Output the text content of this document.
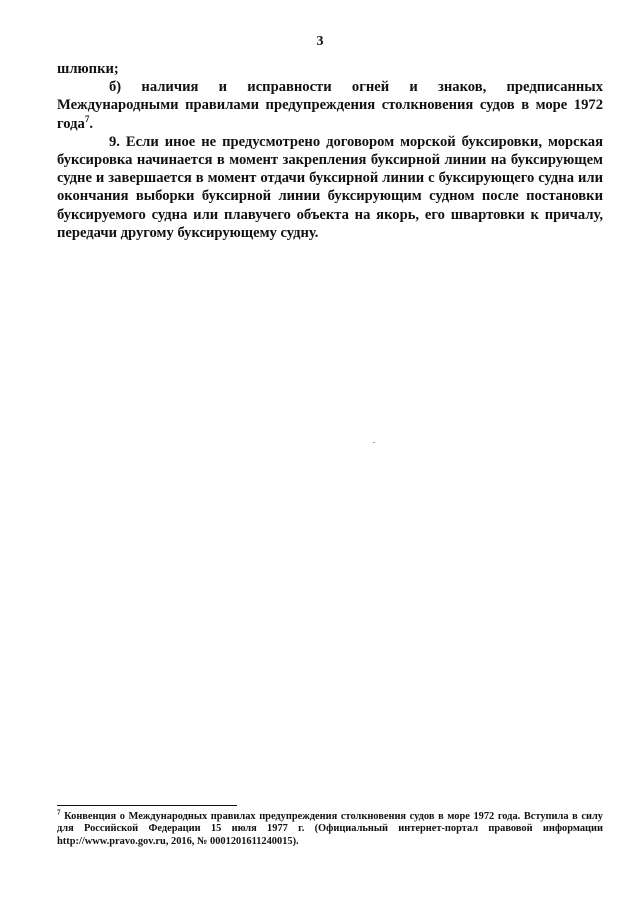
3

шлюпки;

б) наличия и исправности огней и знаков, предписанных Международными правилами предупреждения столкновения судов в море 1972 года$^7$.

9. Если иное не предусмотрено договором морской буксировки, морская буксировка начинается в момент закрепления буксирной линии на буксирующем судне и завершается в момент отдачи буксирной линии с буксирующего судна или окончания выборки буксирной линии буксирующим судном после постановки буксируемого судна или плавучего объекта на якорь, его швартовки к причалу, передачи другому буксирующему судну.

$^7$ Конвенция о Международных правилах предупреждения столкновения судов в море 1972 года. Вступила в силу для Российской Федерации 15 июля 1977 г. (Официальный интернет-портал правовой информации http://www.pravo.gov.ru, 2016, № 0001201611240015).
